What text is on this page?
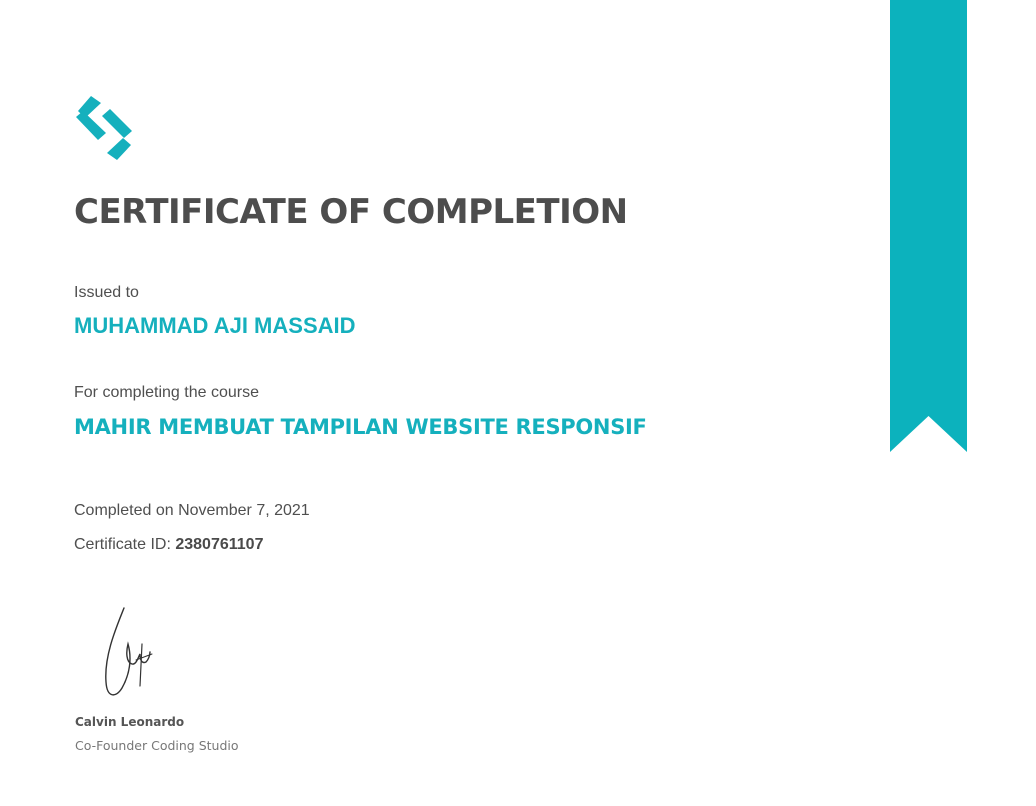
CERTIFICATE OF COMPLETION
Issued to
MUHAMMAD AJI MASSAID
For completing the course
MAHIR MEMBUAT TAMPILAN WEBSITE RESPONSIF
Completed on November 7, 2021
Certificate ID: 2380761107
Calvin Leonardo
Co-Founder Coding Studio
